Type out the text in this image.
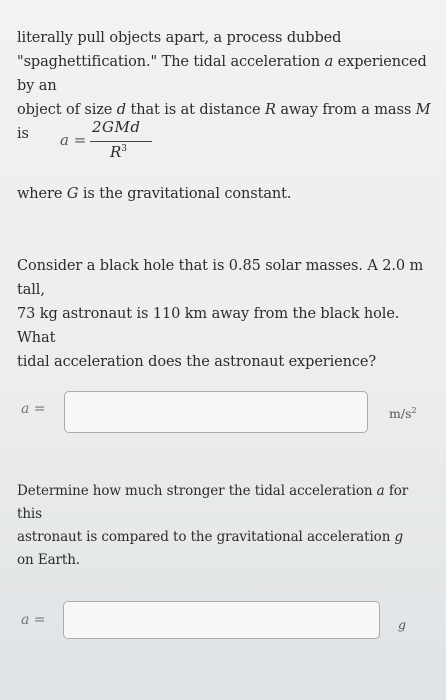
literally pull objects apart, a process dubbed
"spaghettification." The tidal acceleration a experienced by an
object of size d that is at distance R away from a mass M is	a =
2GMd
$R^3$

where G is the gravitational constant.

Consider a black hole that is 0.85 solar masses. A 2.0 m tall,
73 kg astronaut is 110 km away from the black hole. What
tidal acceleration does the astronaut experience?

a =	$m/s^2$

Determine how much stronger the tidal acceleration a for this
astronaut is compared to the gravitational acceleration g
on Earth.

a =	g
